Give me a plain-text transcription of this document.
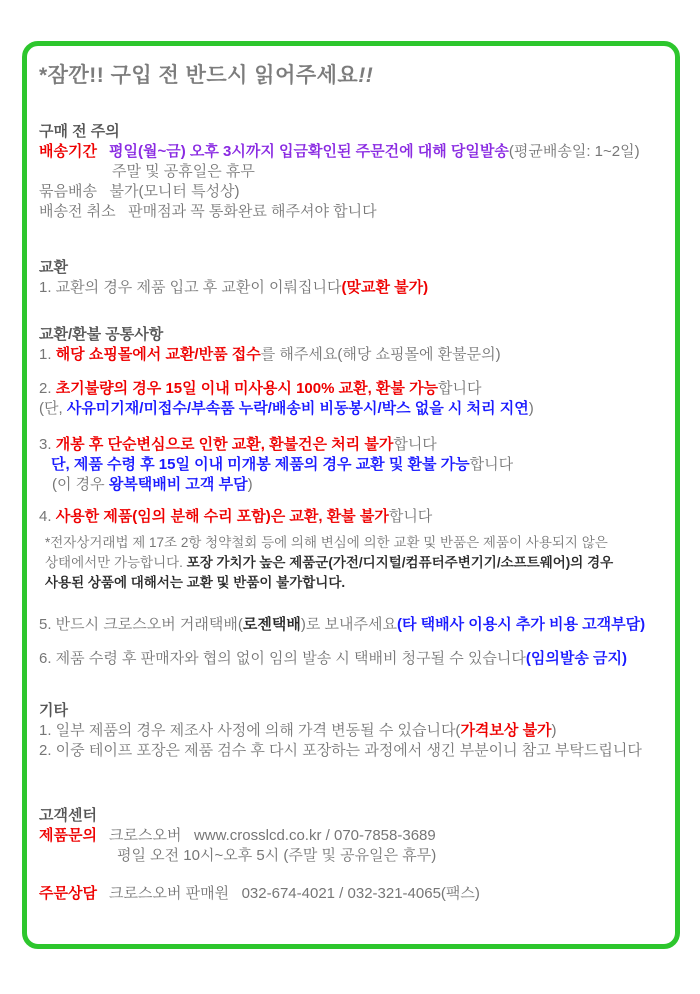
*잠깐!! 구입 전 반드시 읽어주세요!!
구매 전 주의
배송기간 평일(월~금) 오후 3시까지 입금확인된 주문건에 대해 당일발송(평균배송일: 1~2일)
주말 및 공휴일은 휴무
묶음배송   불가(모니터 특성상)
배송전 취소   판매점과 꼭 통화완료 해주셔야 합니다
교환
1. 교환의 경우 제품 입고 후 교환이 이뤄집니다(맞교환 불가)
교환/환불 공통사항
1. 해당 쇼핑몰에서 교환/반품 접수를 해주세요(해당 쇼핑몰에 환불문의)
2. 초기불량의 경우 15일 이내 미사용시 100% 교환, 환불 가능합니다
(단, 사유미기재/미접수/부속품 누락/배송비 비동봉시/박스 없을 시 처리 지연)
3. 개봉 후 단순변심으로 인한 교환, 환불건은 처리 불가합니다
단, 제품 수령 후 15일 이내 미개봉 제품의 경우 교환 및 환불 가능합니다
(이 경우 왕복택배비 고객 부담)
4. 사용한 제품(임의 분해 수리 포함)은 교환, 환불 불가합니다
*전자상거래법 제 17조 2항 청약철회 등에 의해 변심에 의한 교환 및 반품은 제품이 사용되지 않은
상태에서만 가능합니다. 포장 가치가 높은 제품군(가전/디지털/컴퓨터주변기기/소프트웨어)의 경우
사용된 상품에 대해서는 교환 및 반품이 불가합니다.
5. 반드시 크로스오버 거래택배(로젠택배)로 보내주세요(타 택배사 이용시 추가 비용 고객부담)
6. 제품 수령 후 판매자와 협의 없이 임의 발송 시 택배비 청구될 수 있습니다(임의발송 금지)
기타
1. 일부 제품의 경우 제조사 사정에 의해 가격 변동될 수 있습니다(가격보상 불가)
2. 이중 테이프 포장은 제품 검수 후 다시 포장하는 과정에서 생긴 부분이니 참고 부탁드립니다
고객센터
제품문의 크로스오버   www.crosslcd.co.kr / 070-7858-3689
평일 오전 10시~오후 5시 (주말 및 공유일은 휴무)
주문상담 크로스오버 판매원   032-674-4021 / 032-321-4065(팩스)
